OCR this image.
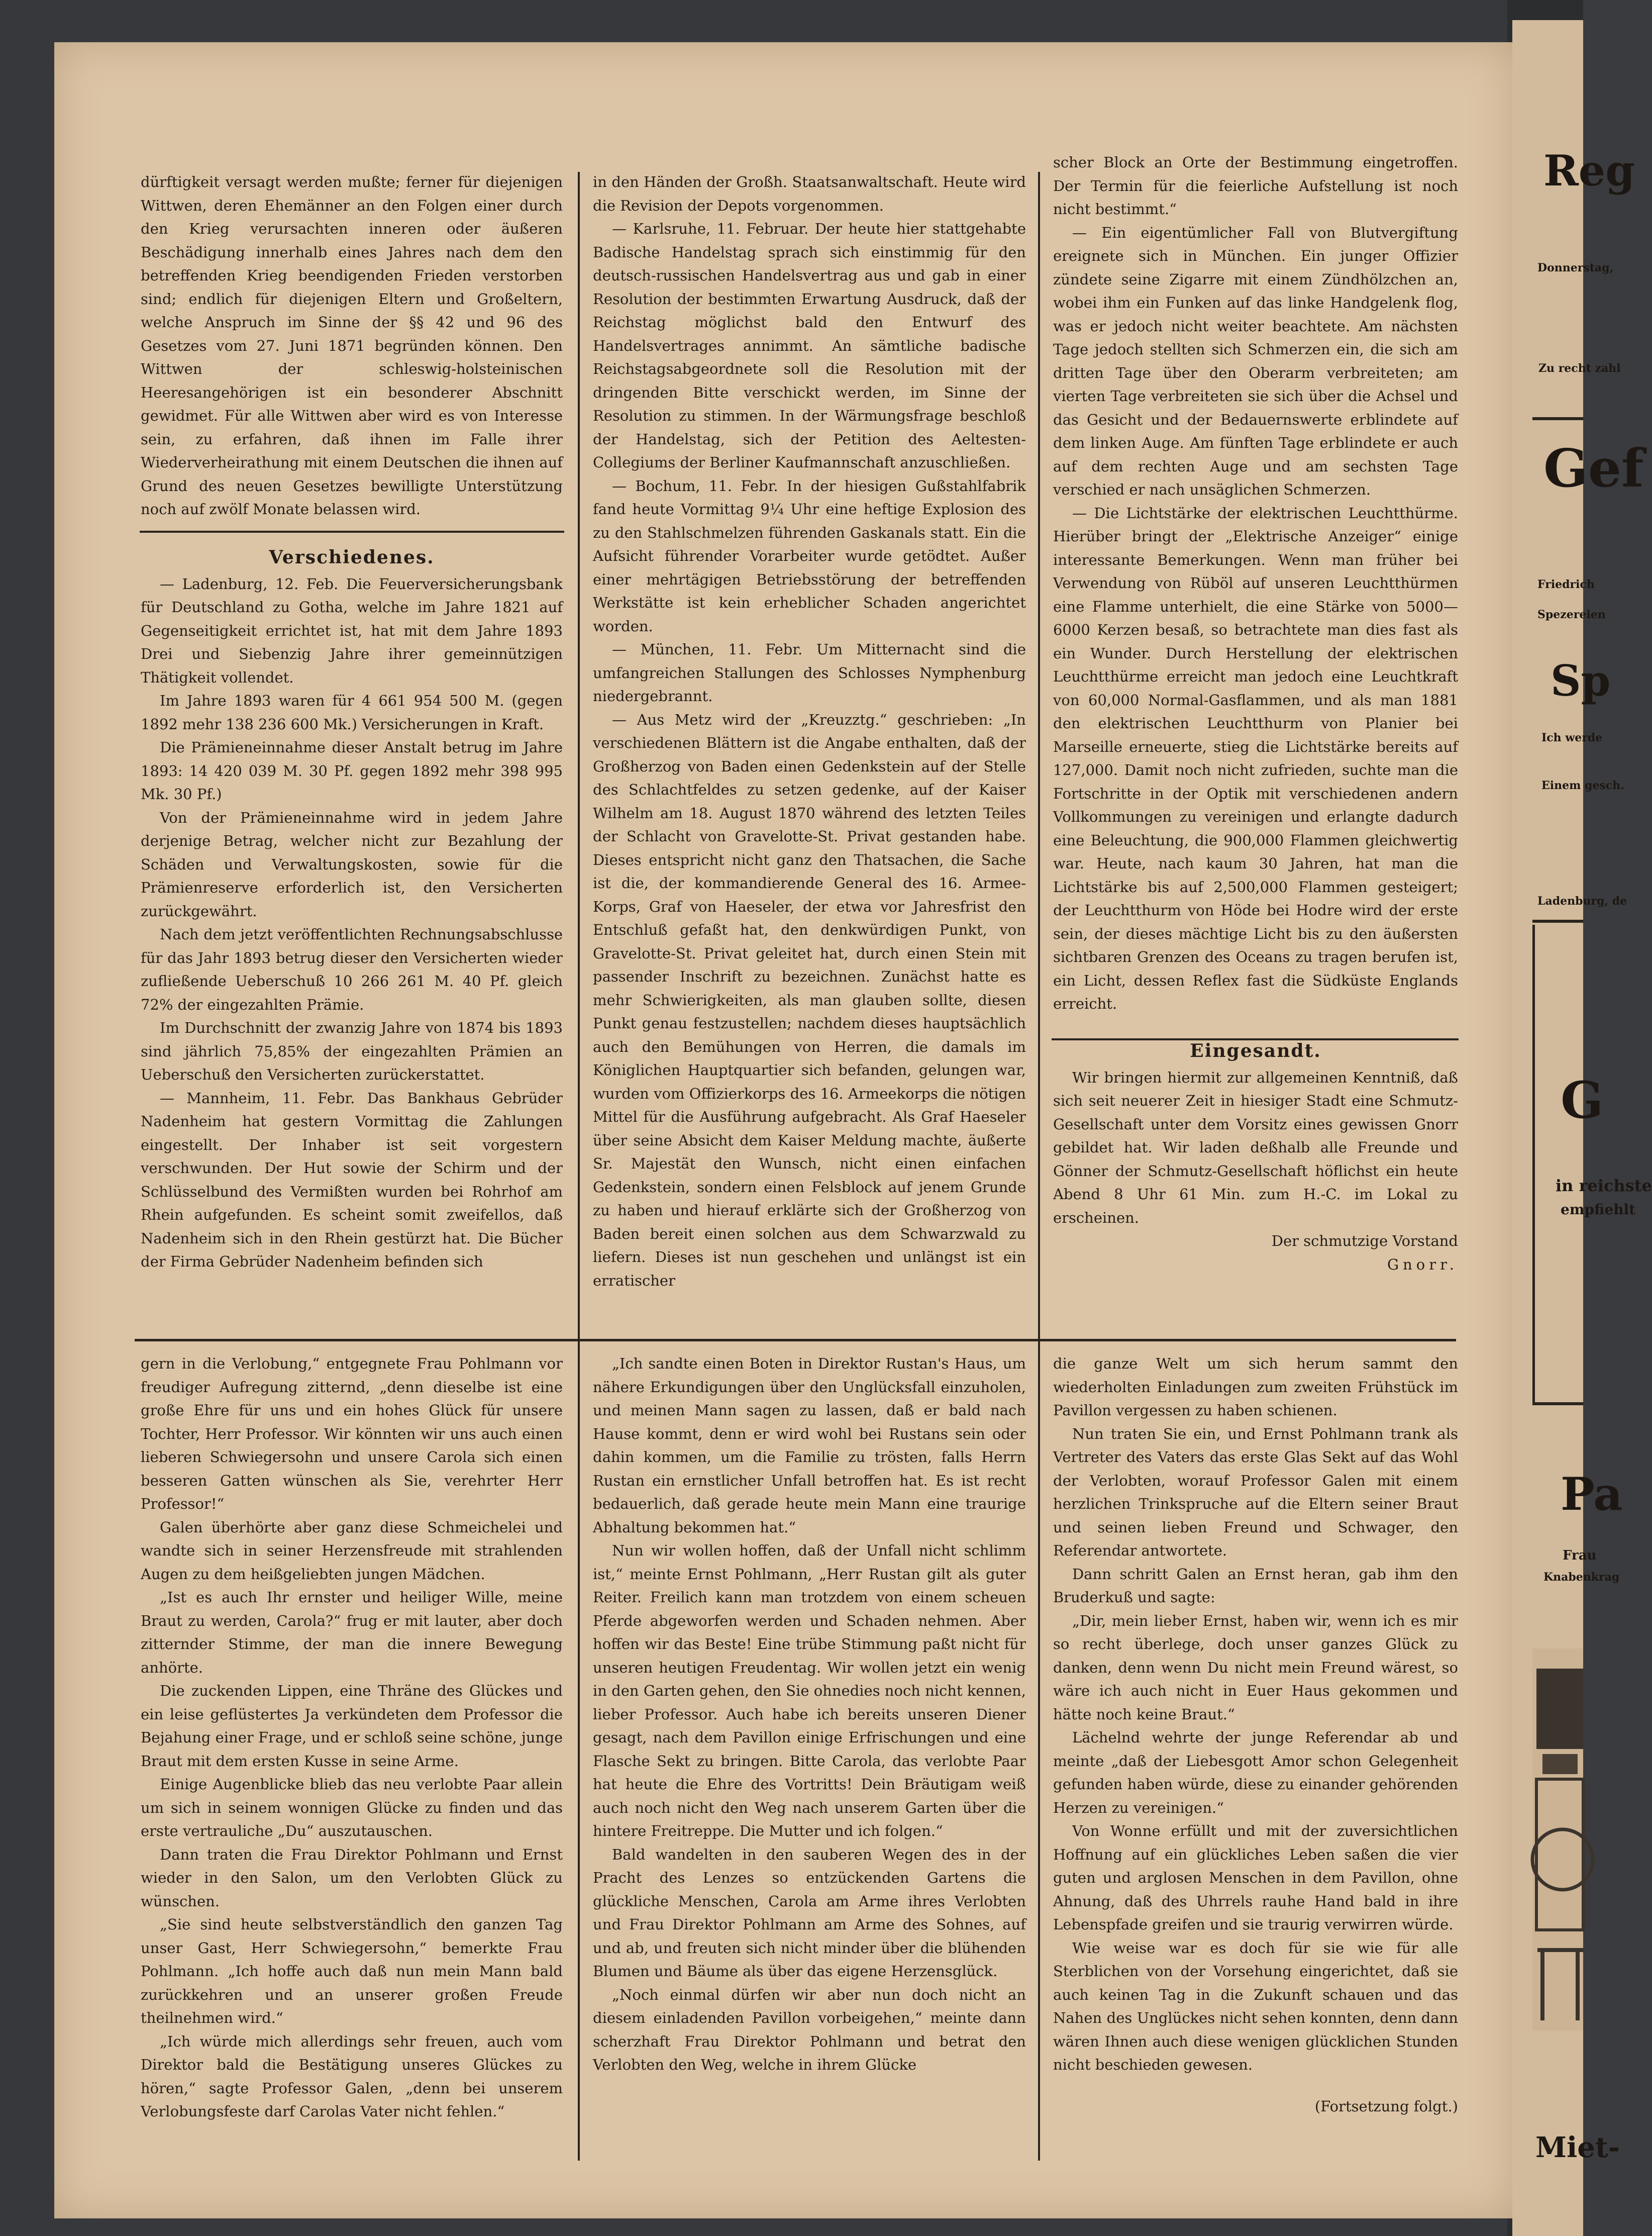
dürftigkeit versagt werden mußte; ferner für diejenigen Wittwen, deren Ehemänner an den Folgen einer durch den Krieg verursachten inneren oder äußeren Beschädigung innerhalb eines Jahres nach dem den betreffenden Krieg beendigenden Frieden verstorben sind; endlich für diejenigen Eltern und Großeltern, welche Anspruch im Sinne der §§ 42 und 96 des Gesetzes vom 27. Juni 1871 begründen können. Den Wittwen der schleswig-holsteinischen Heeresangehörigen ist ein besonderer Abschnitt gewidmet. Für alle Wittwen aber wird es von Interesse sein, zu erfahren, daß ihnen im Falle ihrer Wiederverheirathung mit einem Deutschen die ihnen auf Grund des neuen Gesetzes bewilligte Unterstützung noch auf zwölf Monate belassen wird.

Verschiedenes.

— Ladenburg, 12. Feb. Die Feuerversicherungsbank für Deutschland zu Gotha, welche im Jahre 1821 auf Gegenseitigkeit errichtet ist, hat mit dem Jahre 1893 Drei und Siebenzig Jahre ihrer gemeinnützigen Thätigkeit vollendet.

Im Jahre 1893 waren für 4 661 954 500 M. (gegen 1892 mehr 138 236 600 Mk.) Versicherungen in Kraft.

Die Prämieneinnahme dieser Anstalt betrug im Jahre 1893: 14 420 039 M. 30 Pf. gegen 1892 mehr 398 995 Mk. 30 Pf.)

Von der Prämieneinnahme wird in jedem Jahre derjenige Betrag, welcher nicht zur Bezahlung der Schäden und Verwaltungskosten, sowie für die Prämienreserve erforderlich ist, den Versicherten zurückgewährt.

Nach dem jetzt veröffentlichten Rechnungsabschlusse für das Jahr 1893 betrug dieser den Versicherten wieder zufließende Ueberschuß 10 266 261 M. 40 Pf. gleich 72% der eingezahlten Prämie.

Im Durchschnitt der zwanzig Jahre von 1874 bis 1893 sind jährlich 75,85% der eingezahlten Prämien an Ueberschuß den Versicherten zurückerstattet.

— Mannheim, 11. Febr. Das Bankhaus Gebrüder Nadenheim hat gestern Vormittag die Zahlungen eingestellt. Der Inhaber ist seit vorgestern verschwunden. Der Hut sowie der Schirm und der Schlüsselbund des Vermißten wurden bei Rohrhof am Rhein aufgefunden. Es scheint somit zweifellos, daß Nadenheim sich in den Rhein gestürzt hat. Die Bücher der Firma Gebrüder Nadenheim befinden sich

in den Händen der Großh. Staatsanwaltschaft. Heute wird die Revision der Depots vorgenommen.

— Karlsruhe, 11. Februar. Der heute hier stattgehabte Badische Handelstag sprach sich einstimmig für den deutsch-russischen Handelsvertrag aus und gab in einer Resolution der bestimmten Erwartung Ausdruck, daß der Reichstag möglichst bald den Entwurf des Handelsvertrages annimmt. An sämtliche badische Reichstagsabgeordnete soll die Resolution mit der dringenden Bitte verschickt werden, im Sinne der Resolution zu stimmen. In der Wärmungsfrage beschloß der Handelstag, sich der Petition des Aeltesten-Collegiums der Berliner Kaufmannschaft anzuschließen.

— Bochum, 11. Febr. In der hiesigen Gußstahlfabrik fand heute Vormittag 9¼ Uhr eine heftige Explosion des zu den Stahlschmelzen führenden Gaskanals statt. Ein die Aufsicht führender Vorarbeiter wurde getödtet. Außer einer mehrtägigen Betriebsstörung der betreffenden Werkstätte ist kein erheblicher Schaden angerichtet worden.

— München, 11. Febr. Um Mitternacht sind die umfangreichen Stallungen des Schlosses Nymphenburg niedergebrannt.

— Aus Metz wird der „Kreuzztg.“ geschrieben: „In verschiedenen Blättern ist die Angabe enthalten, daß der Großherzog von Baden einen Gedenkstein auf der Stelle des Schlachtfeldes zu setzen gedenke, auf der Kaiser Wilhelm am 18. August 1870 während des letzten Teiles der Schlacht von Gravelotte-St. Privat gestanden habe. Dieses entspricht nicht ganz den Thatsachen, die Sache ist die, der kommandierende General des 16. Armee-Korps, Graf von Haeseler, der etwa vor Jahresfrist den Entschluß gefaßt hat, den denkwürdigen Punkt, von Gravelotte-St. Privat geleitet hat, durch einen Stein mit passender Inschrift zu bezeichnen. Zunächst hatte es mehr Schwierigkeiten, als man glauben sollte, diesen Punkt genau festzustellen; nachdem dieses hauptsächlich auch den Bemühungen von Herren, die damals im Königlichen Hauptquartier sich befanden, gelungen war, wurden vom Offizierkorps des 16. Armeekorps die nötigen Mittel für die Ausführung aufgebracht. Als Graf Haeseler über seine Absicht dem Kaiser Meldung machte, äußerte Sr. Majestät den Wunsch, nicht einen einfachen Gedenkstein, sondern einen Felsblock auf jenem Grunde zu haben und hierauf erklärte sich der Großherzog von Baden bereit einen solchen aus dem Schwarzwald zu liefern. Dieses ist nun geschehen und unlängst ist ein erratischer

scher Block an Orte der Bestimmung eingetroffen. Der Termin für die feierliche Aufstellung ist noch nicht bestimmt.“

— Ein eigentümlicher Fall von Blutvergiftung ereignete sich in München. Ein junger Offizier zündete seine Zigarre mit einem Zündhölzchen an, wobei ihm ein Funken auf das linke Handgelenk flog, was er jedoch nicht weiter beachtete. Am nächsten Tage jedoch stellten sich Schmerzen ein, die sich am dritten Tage über den Oberarm verbreiteten; am vierten Tage verbreiteten sie sich über die Achsel und das Gesicht und der Bedauernswerte erblindete auf dem linken Auge. Am fünften Tage erblindete er auch auf dem rechten Auge und am sechsten Tage verschied er nach unsäglichen Schmerzen.

— Die Lichtstärke der elektrischen Leuchtthürme. Hierüber bringt der „Elektrische Anzeiger“ einige interessante Bemerkungen. Wenn man früher bei Verwendung von Rüböl auf unseren Leuchtthürmen eine Flamme unterhielt, die eine Stärke von 5000—6000 Kerzen besaß, so betrachtete man dies fast als ein Wunder. Durch Herstellung der elektrischen Leuchtthürme erreicht man jedoch eine Leuchtkraft von 60,000 Normal-Gasflammen, und als man 1881 den elektrischen Leuchtthurm von Planier bei Marseille erneuerte, stieg die Lichtstärke bereits auf 127,000. Damit noch nicht zufrieden, suchte man die Fortschritte in der Optik mit verschiedenen andern Vollkommungen zu vereinigen und erlangte dadurch eine Beleuchtung, die 900,000 Flammen gleichwertig war. Heute, nach kaum 30 Jahren, hat man die Lichtstärke bis auf 2,500,000 Flammen gesteigert; der Leuchtthurm von Höde bei Hodre wird der erste sein, der dieses mächtige Licht bis zu den äußersten sichtbaren Grenzen des Oceans zu tragen berufen ist, ein Licht, dessen Reflex fast die Südküste Englands erreicht.

Eingesandt.

Wir bringen hiermit zur allgemeinen Kenntniß, daß sich seit neuerer Zeit in hiesiger Stadt eine Schmutz-Gesellschaft unter dem Vorsitz eines gewissen Gnorr gebildet hat. Wir laden deßhalb alle Freunde und Gönner der Schmutz-Gesellschaft höflichst ein heute Abend 8 Uhr 61 Min. zum H.-C. im Lokal zu erscheinen.

Der schmutzige Vorstand

Gnorr.

gern in die Verlobung,“ entgegnete Frau Pohlmann vor freudiger Aufregung zitternd, „denn dieselbe ist eine große Ehre für uns und ein hohes Glück für unsere Tochter, Herr Professor. Wir könnten wir uns auch einen lieberen Schwiegersohn und unsere Carola sich einen besseren Gatten wünschen als Sie, verehrter Herr Professor!“

Galen überhörte aber ganz diese Schmeichelei und wandte sich in seiner Herzensfreude mit strahlenden Augen zu dem heißgeliebten jungen Mädchen.

„Ist es auch Ihr ernster und heiliger Wille, meine Braut zu werden, Carola?“ frug er mit lauter, aber doch zitternder Stimme, der man die innere Bewegung anhörte.

Die zuckenden Lippen, eine Thräne des Glückes und ein leise geflüstertes Ja verkündeten dem Professor die Bejahung einer Frage, und er schloß seine schöne, junge Braut mit dem ersten Kusse in seine Arme.

Einige Augenblicke blieb das neu verlobte Paar allein um sich in seinem wonnigen Glücke zu finden und das erste vertrauliche „Du“ auszutauschen.

Dann traten die Frau Direktor Pohlmann und Ernst wieder in den Salon, um den Verlobten Glück zu wünschen.

„Sie sind heute selbstverständlich den ganzen Tag unser Gast, Herr Schwiegersohn,“ bemerkte Frau Pohlmann. „Ich hoffe auch daß nun mein Mann bald zurückkehren und an unserer großen Freude theilnehmen wird.“

„Ich würde mich allerdings sehr freuen, auch vom Direktor bald die Bestätigung unseres Glückes zu hören,“ sagte Professor Galen, „denn bei unserem Verlobungsfeste darf Carolas Vater nicht fehlen.“

„Ich sandte einen Boten in Direktor Rustan's Haus, um nähere Erkundigungen über den Unglücksfall einzuholen, und meinen Mann sagen zu lassen, daß er bald nach Hause kommt, denn er wird wohl bei Rustans sein oder dahin kommen, um die Familie zu trösten, falls Herrn Rustan ein ernstlicher Unfall betroffen hat. Es ist recht bedauerlich, daß gerade heute mein Mann eine traurige Abhaltung bekommen hat.“

Nun wir wollen hoffen, daß der Unfall nicht schlimm ist,“ meinte Ernst Pohlmann, „Herr Rustan gilt als guter Reiter. Freilich kann man trotzdem von einem scheuen Pferde abgeworfen werden und Schaden nehmen. Aber hoffen wir das Beste! Eine trübe Stimmung paßt nicht für unseren heutigen Freudentag. Wir wollen jetzt ein wenig in den Garten gehen, den Sie ohnedies noch nicht kennen, lieber Professor. Auch habe ich bereits unseren Diener gesagt, nach dem Pavillon einige Erfrischungen und eine Flasche Sekt zu bringen. Bitte Carola, das verlobte Paar hat heute die Ehre des Vortritts! Dein Bräutigam weiß auch noch nicht den Weg nach unserem Garten über die hintere Freitreppe. Die Mutter und ich folgen.“

Bald wandelten in den sauberen Wegen des in der Pracht des Lenzes so entzückenden Gartens die glückliche Menschen, Carola am Arme ihres Verlobten und Frau Direktor Pohlmann am Arme des Sohnes, auf und ab, und freuten sich nicht minder über die blühenden Blumen und Bäume als über das eigene Herzensglück.

„Noch einmal dürfen wir aber nun doch nicht an diesem einladenden Pavillon vorbeigehen,“ meinte dann scherzhaft Frau Direktor Pohlmann und betrat den Verlobten den Weg, welche in ihrem Glücke

die ganze Welt um sich herum sammt den wiederholten Einladungen zum zweiten Frühstück im Pavillon vergessen zu haben schienen.

Nun traten Sie ein, und Ernst Pohlmann trank als Vertreter des Vaters das erste Glas Sekt auf das Wohl der Verlobten, worauf Professor Galen mit einem herzlichen Trinkspruche auf die Eltern seiner Braut und seinen lieben Freund und Schwager, den Referendar antwortete.

Dann schritt Galen an Ernst heran, gab ihm den Bruderkuß und sagte:

„Dir, mein lieber Ernst, haben wir, wenn ich es mir so recht überlege, doch unser ganzes Glück zu danken, denn wenn Du nicht mein Freund wärest, so wäre ich auch nicht in Euer Haus gekommen und hätte noch keine Braut.“

Lächelnd wehrte der junge Referendar ab und meinte „daß der Liebesgott Amor schon Gelegenheit gefunden haben würde, diese zu einander gehörenden Herzen zu vereinigen.“

Von Wonne erfüllt und mit der zuversichtlichen Hoffnung auf ein glückliches Leben saßen die vier guten und arglosen Menschen in dem Pavillon, ohne Ahnung, daß des Uhrrels rauhe Hand bald in ihre Lebenspfade greifen und sie traurig verwirren würde.

Wie weise war es doch für sie wie für alle Sterblichen von der Vorsehung eingerichtet, daß sie auch keinen Tag in die Zukunft schauen und das Nahen des Unglückes nicht sehen konnten, denn dann wären Ihnen auch diese wenigen glücklichen Stunden nicht beschieden gewesen.

(Fortsetzung folgt.)

Reg
Donnerstag,
Zu recht zahl
Gef
Friedrich
Spezereien
Sp
Ich werde
Einem gesch.
Ladenburg, de
G
in reichste
empfiehlt
Pa
Frau
Knabenkrag
Miet-
